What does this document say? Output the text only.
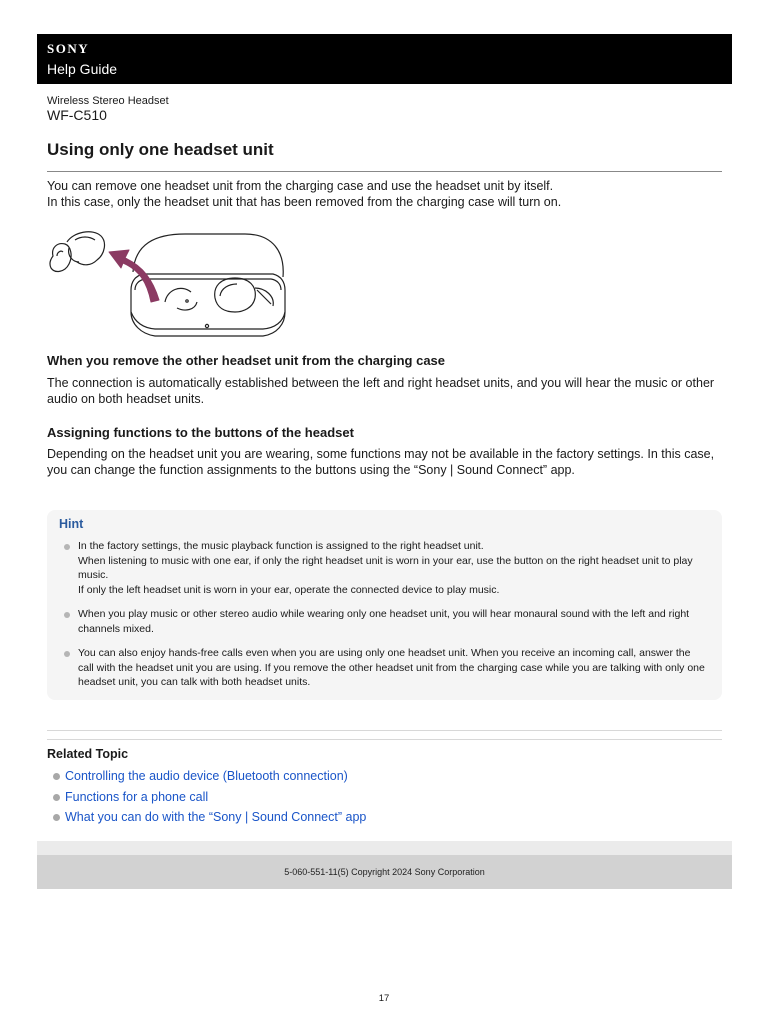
SONY
Help Guide
Wireless Stereo Headset
WF-C510
Using only one headset unit
You can remove one headset unit from the charging case and use the headset unit by itself.
In this case, only the headset unit that has been removed from the charging case will turn on.
When you remove the other headset unit from the charging case

The connection is automatically established between the left and right headset units, and you will hear the music or other audio on both headset units.

Assigning functions to the buttons of the headset

Depending on the headset unit you are wearing, some functions may not be available in the factory settings. In this case, you can change the function assignments to the buttons using the “Sony | Sound Connect” app.

Hint
In the factory settings, the music playback function is assigned to the right headset unit.
When listening to music with one ear, if only the right headset unit is worn in your ear, use the button on the right headset unit to play music.
If only the left headset unit is worn in your ear, operate the connected device to play music.
When you play music or other stereo audio while wearing only one headset unit, you will hear monaural sound with the left and right channels mixed.
You can also enjoy hands-free calls even when you are using only one headset unit. When you receive an incoming call, answer the call with the headset unit you are using. If you remove the other headset unit from the charging case while you are talking with only one headset unit, you can talk with both headset units.
Related Topic
Controlling the audio device (Bluetooth connection)
Functions for a phone call
What you can do with the “Sony | Sound Connect” app
5-060-551-11(5) Copyright 2024 Sony Corporation
17
